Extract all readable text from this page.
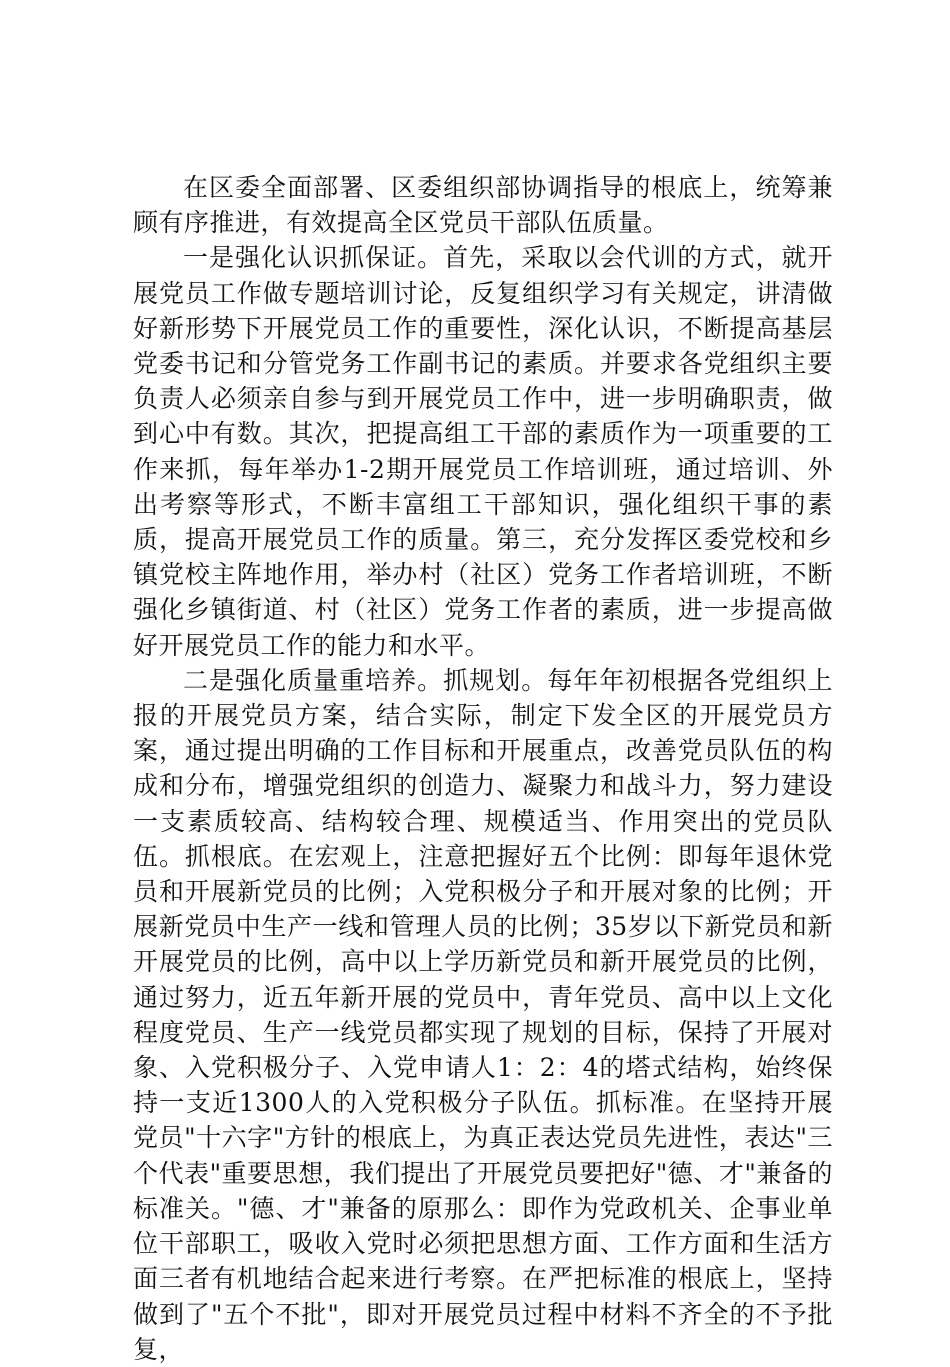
在区委全面部署、区委组织部协调指导的根底上，统筹兼顾有序推进，有效提高全区党员干部队伍质量。

一是强化认识抓保证。首先，采取以会代训的方式，就开展党员工作做专题培训讨论，反复组织学习有关规定，讲清做好新形势下开展党员工作的重要性，深化认识，不断提高基层党委书记和分管党务工作副书记的素质。并要求各党组织主要负责人必须亲自参与到开展党员工作中，进一步明确职责，做到心中有数。其次，把提高组工干部的素质作为一项重要的工作来抓，每年举办1-2期开展党员工作培训班，通过培训、外出考察等形式，不断丰富组工干部知识，强化组织干事的素质，提高开展党员工作的质量。第三，充分发挥区委党校和乡镇党校主阵地作用，举办村（社区）党务工作者培训班，不断强化乡镇街道、村（社区）党务工作者的素质，进一步提高做好开展党员工作的能力和水平。

二是强化质量重培养。抓规划。每年年初根据各党组织上报的开展党员方案，结合实际，制定下发全区的开展党员方案，通过提出明确的工作目标和开展重点，改善党员队伍的构成和分布，增强党组织的创造力、凝聚力和战斗力，努力建设一支素质较高、结构较合理、规模适当、作用突出的党员队伍。抓根底。在宏观上，注意把握好五个比例：即每年退休党员和开展新党员的比例；入党积极分子和开展对象的比例；开展新党员中生产一线和管理人员的比例；35岁以下新党员和新开展党员的比例，高中以上学历新党员和新开展党员的比例，通过努力，近五年新开展的党员中，青年党员、高中以上文化程度党员、生产一线党员都实现了规划的目标，保持了开展对象、入党积极分子、入党申请人1：2：4的塔式结构，始终保持一支近1300人的入党积极分子队伍。抓标准。在坚持开展党员"十六字"方针的根底上，为真正表达党员先进性，表达"三个代表"重要思想，我们提出了开展党员要把好"德、才"兼备的标准关。"德、才"兼备的原那么：即作为党政机关、企事业单位干部职工，吸收入党时必须把思想方面、工作方面和生活方面三者有机地结合起来进行考察。在严把标准的根底上，坚持做到了"五个不批"，即对开展党员过程中材料不齐全的不予批复，
